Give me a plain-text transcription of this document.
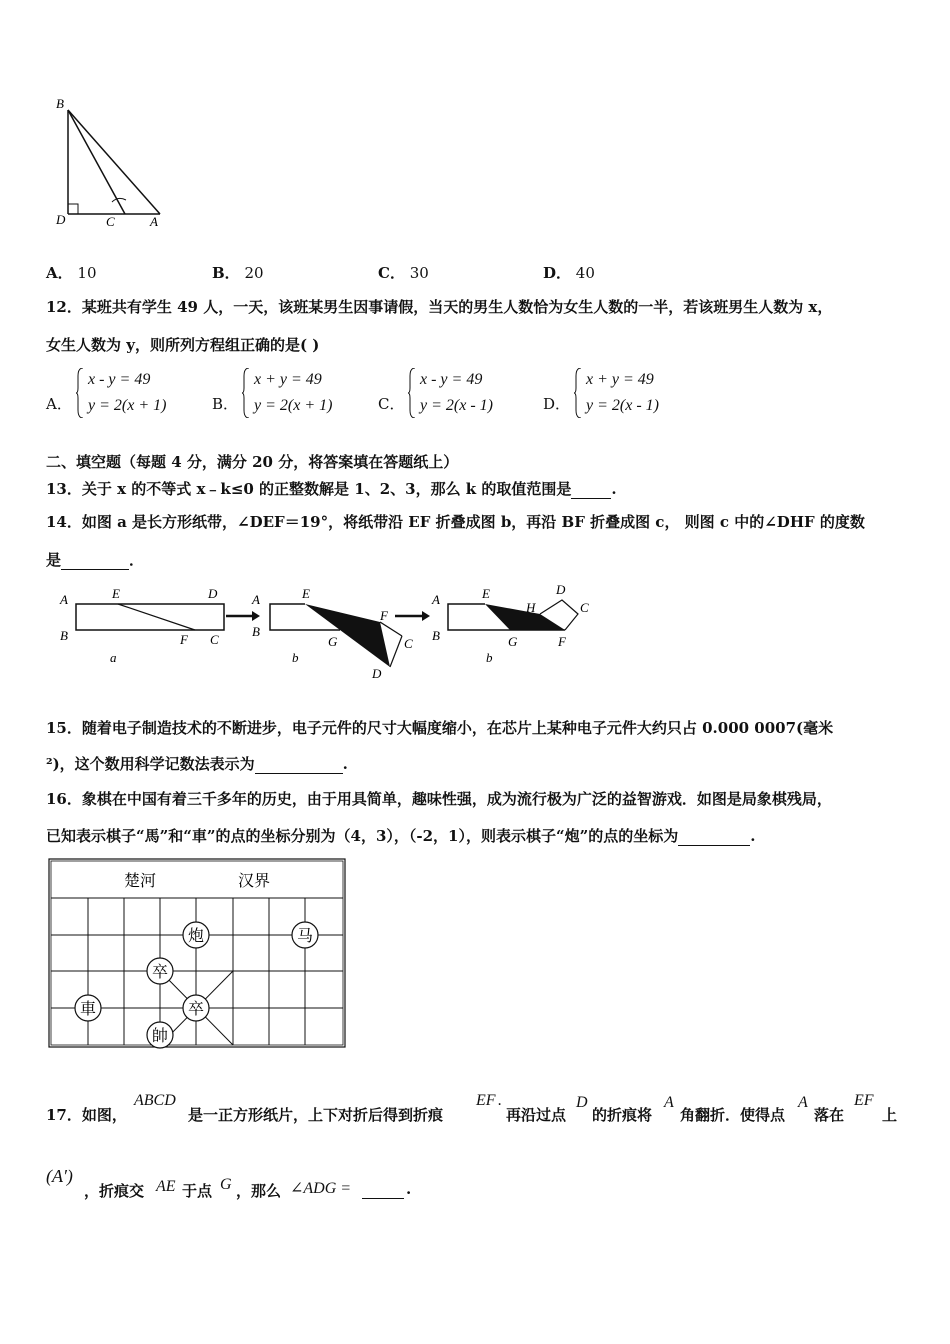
B
D	C	A
A． 10	B． 20	C． 30	D． 40
12．某班共有学生 49 人，一天，该班某男生因事请假，当天的男生人数恰为女生人数的一半，若该班男生人数为 x，
女生人数为 y，则所列方程组正确的是( )
A．
x - y = 49
y = 2(x + 1)	B．
x + y = 49
y = 2(x + 1)	C．
x - y = 49
y = 2(x - 1)	D．
x + y = 49
y = 2(x - 1)
二、填空题（每题 4 分，满分 20 分，将答案填在答题纸上）
13．关于 x 的不等式 x﹣k≤0 的正整数解是 1、2、3，那么 k 的取值范围是	.
14．如图 a 是长方形纸带，∠DEF＝19°，将纸带沿 EF 折叠成图 b，再沿 BF 折叠成图 c， 则图 c 中的∠DHF 的度数
是	．
A	E	D
B	F C
a
A	E
B
G
F
C
D
b
A	E
H
D
C
B	G	F
b
15．随着电子制造技术的不断进步，电子元件的尺寸大幅度缩小，在芯片上某种电子元件大约只占 0.000 0007(毫米
²)，这个数用科学记数法表示为	.
16．象棋在中国有着三千多年的历史，由于用具简单，趣味性强，成为流行极为广泛的益智游戏．如图是局象棋残局，
已知表示棋子“馬”和“車”的点的坐标分别为（4，3），（-2，1），则表示棋子“炮”的点的坐标为	.
楚河	汉界
炮	马
卒
車	卒
帥
17．如图，
ABCD
是一正方形纸片，上下对折后得到折痕
EF .
再沿过点
D
的折痕将
A
角翻折．使得点
A
落在
EF
上
(A′)
，折痕交 AE 于点 G ，那么 ∠ADG =
	.
